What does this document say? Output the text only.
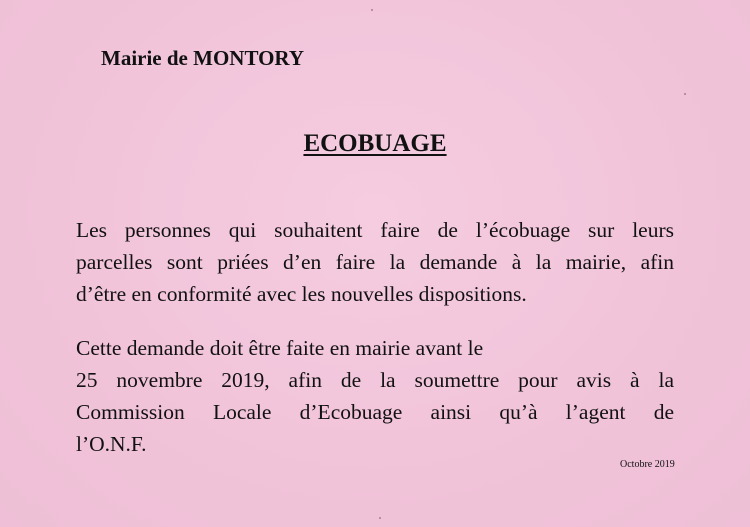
Mairie de MONTORY
ECOBUAGE
Les personnes qui souhaitent faire de l’écobuage sur leurs
parcelles sont priées d’en faire la demande à la mairie, afin
d’être en conformité avec les nouvelles dispositions.
Cette demande doit être faite en mairie avant le
25 novembre 2019, afin de la soumettre pour avis à la
Commission Locale d’Ecobuage ainsi qu’à l’agent de
l’O.N.F.
Octobre 2019
